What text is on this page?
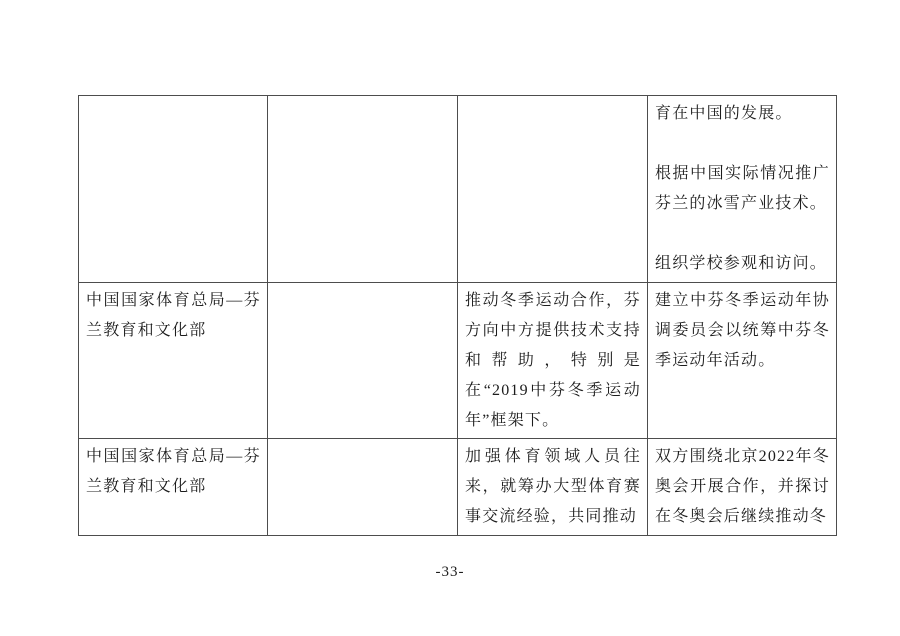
			育在中国的发展。

根据中国实际情况推广芬兰的冰雪产业技术。

组织学校参观和访问。

中国国家体育总局—芬兰教育和文化部		推动冬季运动合作，芬方向中方提供技术支持和帮助，特别是在“2019中芬冬季运动年”框架下。	建立中芬冬季运动年协调委员会以统筹中芬冬季运动年活动。

中国国家体育总局—芬兰教育和文化部		加强体育领域人员往来，就筹办大型体育赛事交流经验，共同推动	双方围绕北京2022年冬奥会开展合作，并探讨在冬奥会后继续推动冬

-33-
